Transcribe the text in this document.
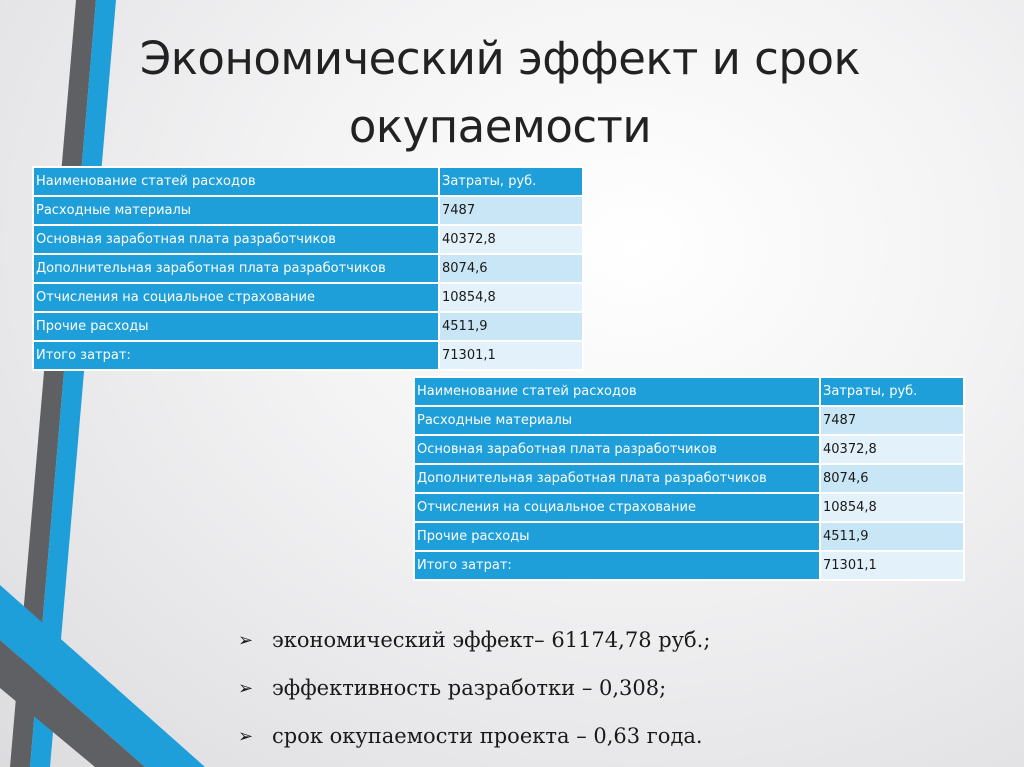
Экономический эффект и срок
окупаемости
Наименование статей расходов	Затраты, руб.
Расходные материалы	7487
Основная заработная плата разработчиков	40372,8
Дополнительная заработная плата разработчиков	8074,6
Отчисления на социальное страхование	10854,8
Прочие расходы	4511,9
Итого затрат:	71301,1
Наименование статей расходов	Затраты, руб.
Расходные материалы	7487
Основная заработная плата разработчиков	40372,8
Дополнительная заработная плата разработчиков	8074,6
Отчисления на социальное страхование	10854,8
Прочие расходы	4511,9
Итого затрат:	71301,1
➢ экономический эффект– 61174,78 руб.;
➢ эффективность разработки – 0,308;
➢ срок окупаемости проекта – 0,63 года.
